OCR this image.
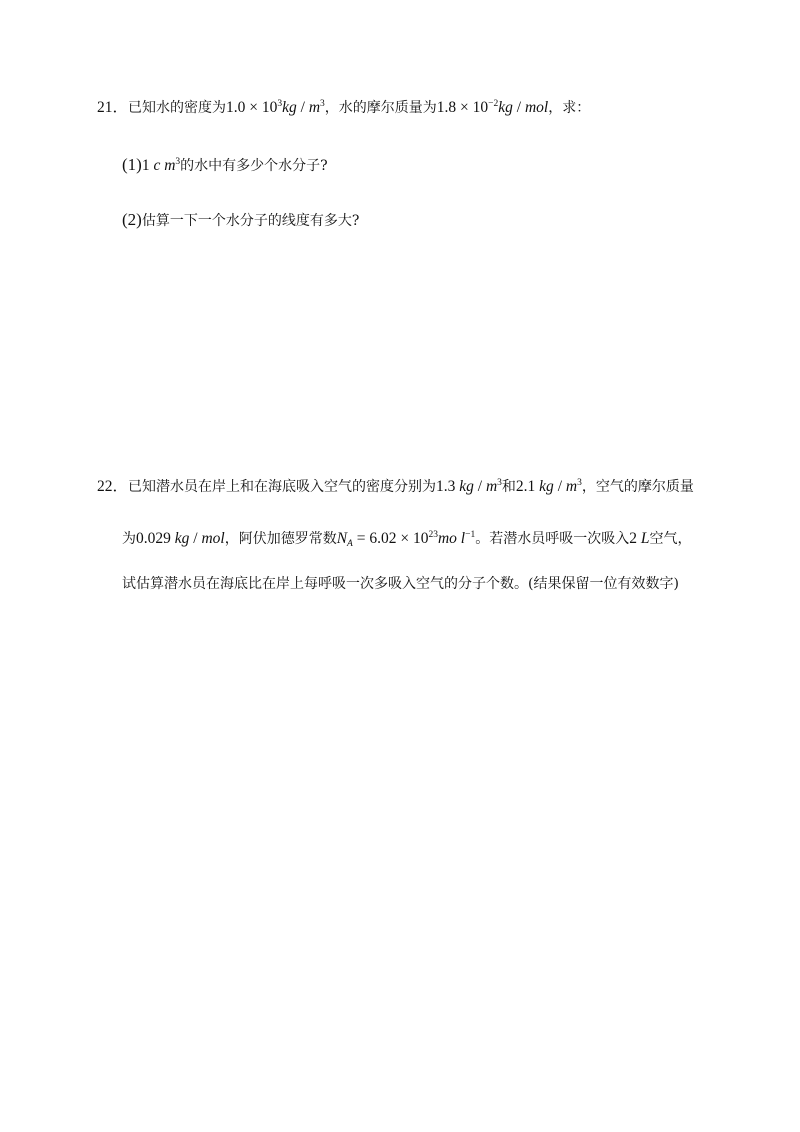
21．已知水的密度为$1.0 \times 10^3kg / m^3$，水的摩尔质量为$1.8 \times 10^{-2}kg$ / mol，求：
(1)1 c $m^3$的水中有多少个水分子?
(2)估算一下一个水分子的线度有多大?
22．已知潜水员在岸上和在海底吸入空气的密度分别为1.3 kg / $m^3$和2.1 kg / $m^3$，空气的摩尔质量
为0.029 kg / mol，阿伏加德罗常数$N_A = 6.02 \times 10^{23}mo$ $l^{-1}$。若潜水员呼吸一次吸入2 L空气，
试估算潜水员在海底比在岸上每呼吸一次多吸入空气的分子个数。(结果保留一位有效数字)
